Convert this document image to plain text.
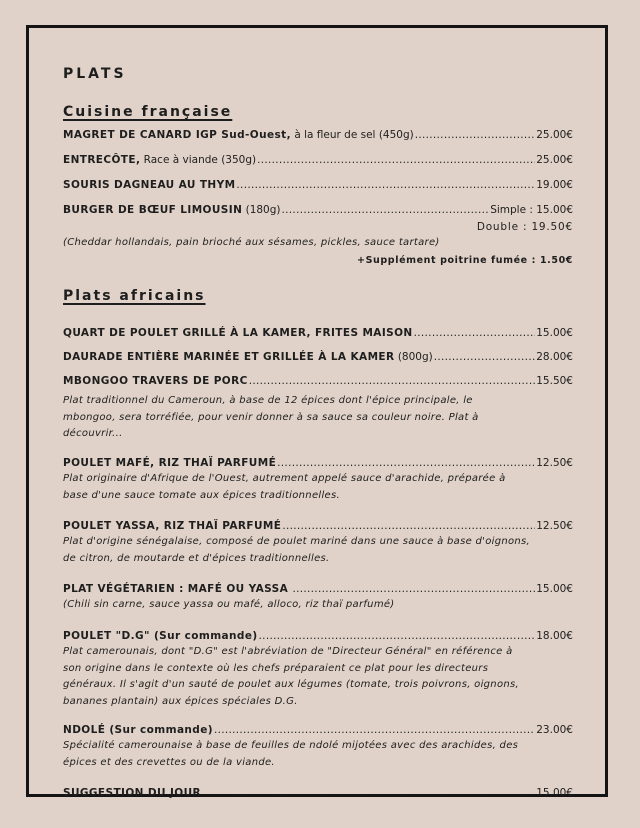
PLATS
Cuisine française
MAGRET DE CANARD IGP Sud-Ouest, à la fleur de sel (450g) .....	25.00€
ENTRECÔTE, Race à viande (350g) .....	25.00€
SOURIS DAGNEAU AU THYM .....	19.00€
BURGER DE BŒUF LIMOUSIN (180g) .....	Simple : 15.00€
Double : 19.50€
(Cheddar hollandais, pain brioché aux sésames, pickles, sauce tartare)
+Supplément poitrine fumée : 1.50€
Plats africains
QUART DE POULET GRILLÉ À LA KAMER, FRITES MAISON .....	15.00€
DAURADE ENTIÈRE MARINÉE ET GRILLÉE À LA KAMER (800g) .....	28.00€
MBONGOO TRAVERS DE PORC .....	15.50€
Plat traditionnel du Cameroun, à base de 12 épices dont l'épice principale, le
mbongoo, sera torréfiée, pour venir donner à sa sauce sa couleur noire. Plat à
découvrir...
POULET MAFÉ, RIZ THAÏ PARFUMÉ .....	12.50€
Plat originaire d'Afrique de l'Ouest, autrement appelé sauce d'arachide, préparée à
base d'une sauce tomate aux épices traditionnelles.
POULET YASSA, RIZ THAÏ PARFUMÉ .....	12.50€
Plat d'origine sénégalaise, composé de poulet mariné dans une sauce à base d'oignons,
de citron, de moutarde et d'épices traditionnelles.
PLAT VÉGÉTARIEN : MAFÉ OU YASSA
.....	15.00€
(Chili sin carne, sauce yassa ou mafé, alloco, riz thaï parfumé)
POULET "D.G" (Sur commande) .....	18.00€
Plat camerounais, dont "D.G" est l'abréviation de "Directeur Général" en référence à
son origine dans le contexte où les chefs préparaient ce plat pour les directeurs
généraux. Il s'agit d'un sauté de poulet aux légumes (tomate, trois poivrons, oignons,
bananes plantain) aux épices spéciales D.G.
NDOLÉ (Sur commande) .....	23.00€
Spécialité camerounaise à base de feuilles de ndolé mijotées avec des arachides, des
épices et des crevettes ou de la viande.
SUGGESTION DU JOUR .....	15.00€
